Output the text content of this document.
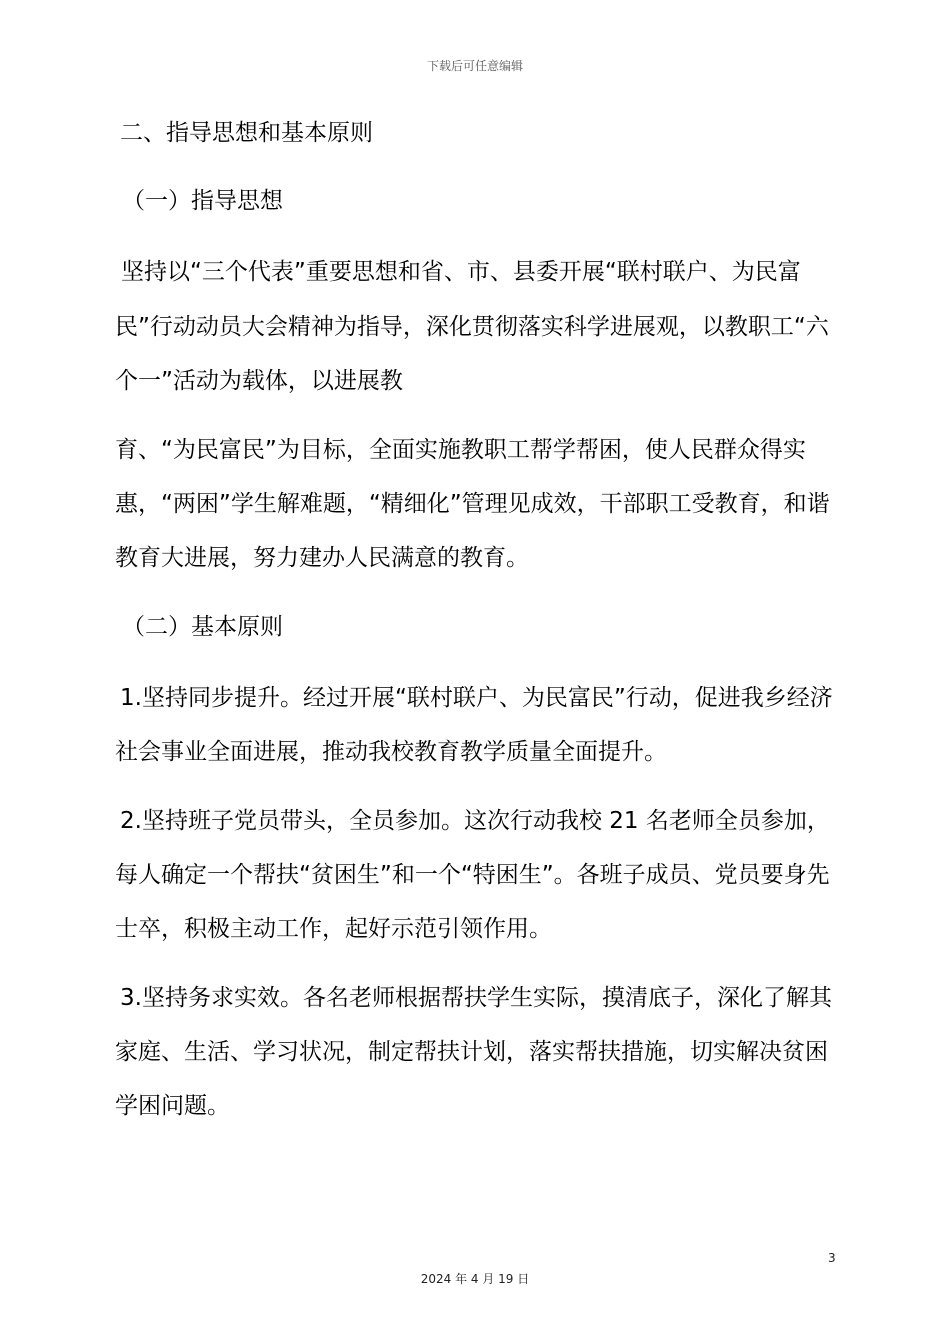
下载后可任意编辑
二、指导思想和基本原则
（一）指导思想
坚持以“三个代表”重要思想和省、市、县委开展“联村联户、为民富
民”行动动员大会精神为指导，深化贯彻落实科学进展观，以教职工“六
个一”活动为载体，以进展教
育、“为民富民”为目标，全面实施教职工帮学帮困，使人民群众得实
惠，“两困”学生解难题，“精细化”管理见成效，干部职工受教育，和谐
教育大进展，努力建办人民满意的教育。
（二）基本原则
1.坚持同步提升。经过开展“联村联户、为民富民”行动，促进我乡经济
社会事业全面进展，推动我校教育教学质量全面提升。
2.坚持班子党员带头，全员参加。这次行动我校 21 名老师全员参加，
每人确定一个帮扶“贫困生”和一个“特困生”。各班子成员、党员要身先
士卒，积极主动工作，起好示范引领作用。
3.坚持务求实效。各名老师根据帮扶学生实际，摸清底子，深化了解其
家庭、生活、学习状况，制定帮扶计划，落实帮扶措施，切实解决贫困
学困问题。
3
2024 年 4 月 19 日
